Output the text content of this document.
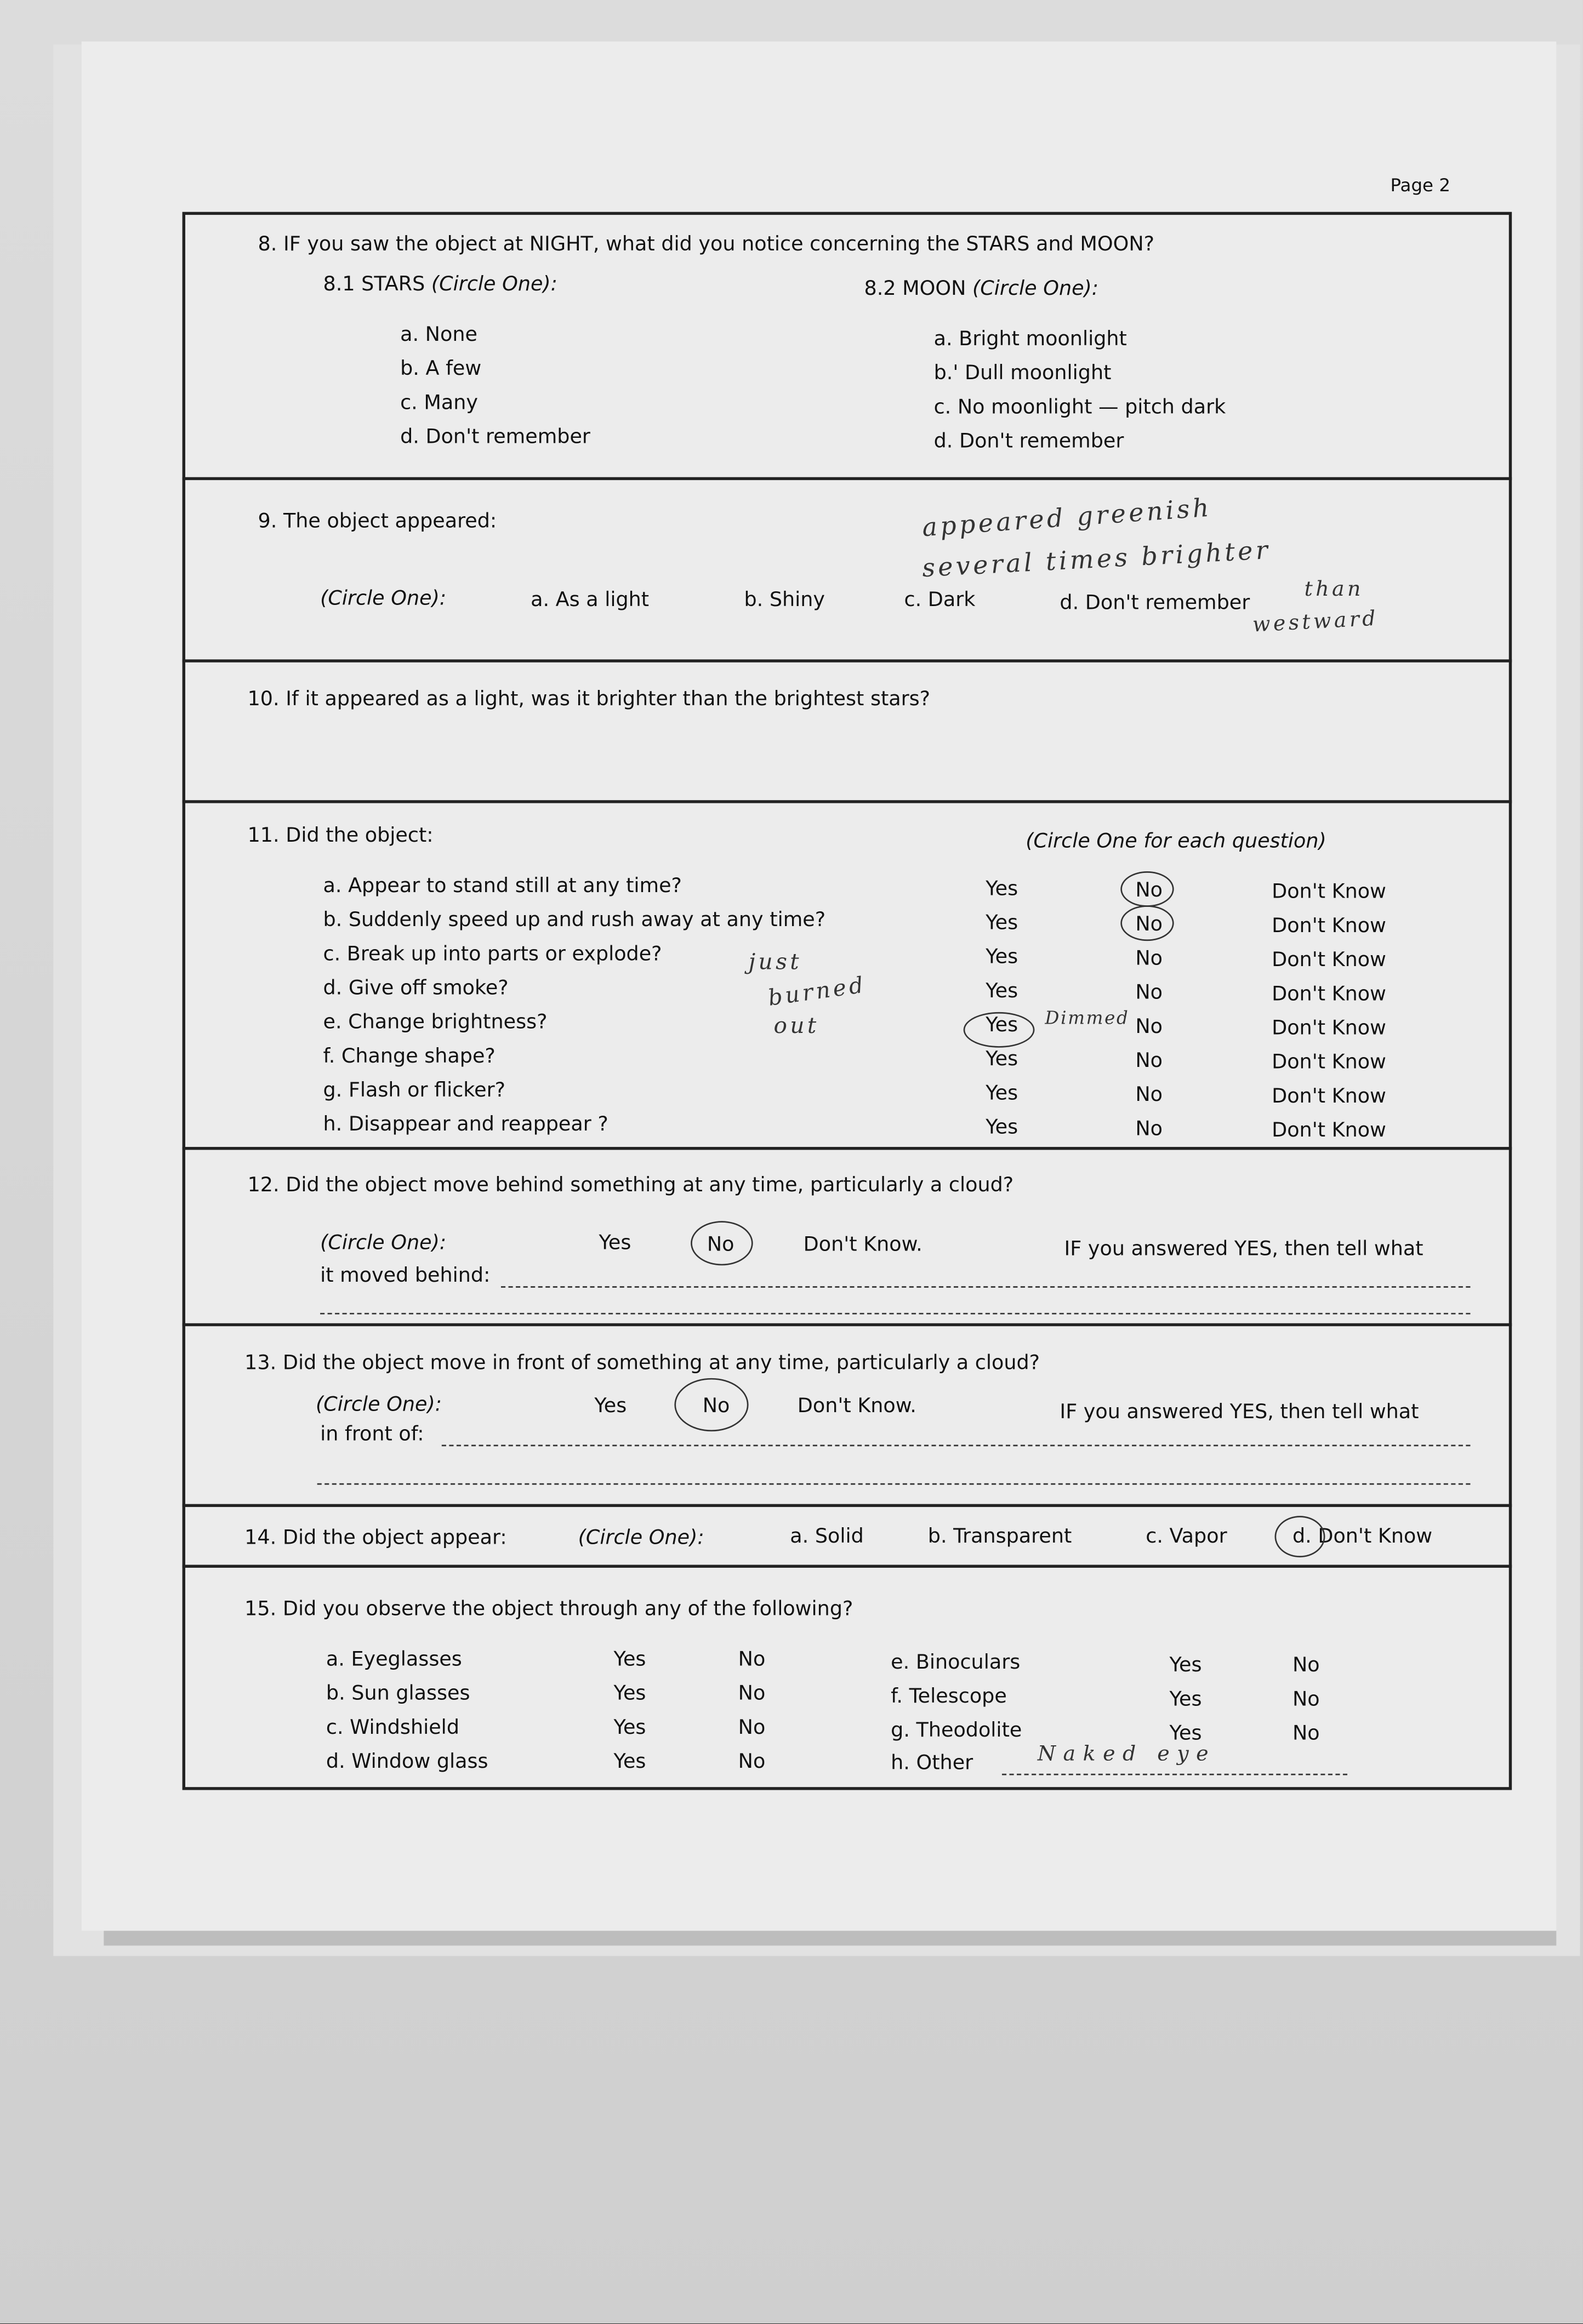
Page 2
8. IF you saw the object at NIGHT, what did you notice concerning the STARS and MOON?
8.1 STARS (Circle One):	8.2 MOON (Circle One):
a. None
b. A few
c. Many
d. Don't remember
a. Bright moonlight
b.' Dull moonlight
c. No moonlight — pitch dark
d. Don't remember
9. The object appeared:
(Circle One):	a. As a light	b. Shiny	c. Dark	d. Don't remember
appeared greenish
several times brighter
than
westward
10. If it appeared as a light, was it brighter than the brightest stars?
11. Did the object:	(Circle One for each question)
a. Appear to stand still at any time?	Yes	No	Don't Know
b. Suddenly speed up and rush away at any time?	Yes	No	Don't Know
c. Break up into parts or explode?	Yes	No	Don't Know
d. Give off smoke?	Yes	No	Don't Know
e. Change brightness?	Yes	No	Don't Know
f. Change shape?	Yes	No	Don't Know
g. Flash or flicker?	Yes	No	Don't Know
h. Disappear and reappear ?	Yes	No	Don't Know
just
burned
out	Dimmed
12. Did the object move behind something at any time, particularly a cloud?
(Circle One):	Yes	No	Don't Know.	IF you answered YES, then tell what
it moved behind:
13. Did the object move in front of something at any time, particularly a cloud?
(Circle One):	Yes	No	Don't Know.	IF you answered YES, then tell what
in front of:
14. Did the object appear:	(Circle One):	a. Solid	b. Transparent	c. Vapor	d. Don't Know
15. Did you observe the object through any of the following?
a. Eyeglasses	Yes	No
b. Sun glasses	Yes	No
c. Windshield	Yes	No
d. Window glass	Yes	No
e. Binoculars	Yes	No
f. Telescope	Yes	No
g. Theodolite	Yes	No
h. Other	Naked eye
